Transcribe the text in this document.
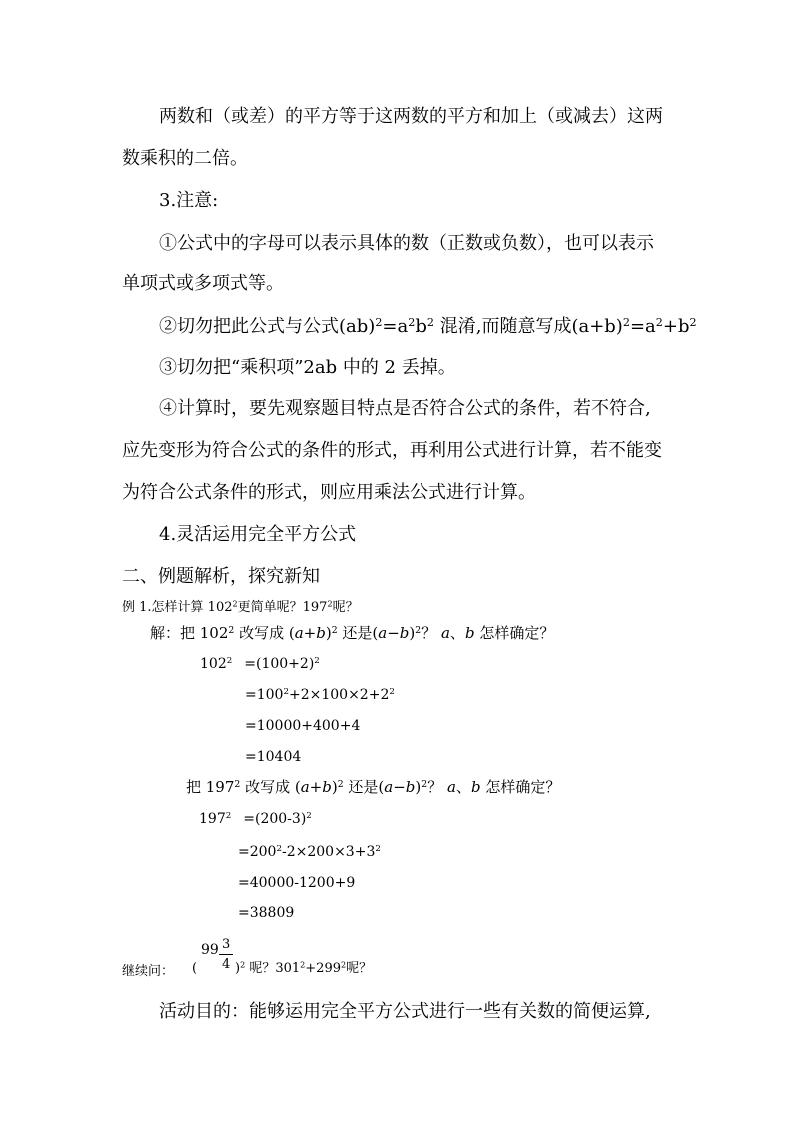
两数和（或差）的平方等于这两数的平方和加上（或减去）这两
数乘积的二倍。
3.注意:
①公式中的字母可以表示具体的数（正数或负数），也可以表示
单项式或多项式等。
②切勿把此公式与公式$(ab)^2=a^2b^2$ 混淆,而随意写成$(a+b)^2=a^2+b^2$
③切勿把“乘积项”2ab 中的 2 丢掉。
④计算时，要先观察题目特点是否符合公式的条件，若不符合,
应先变形为符合公式的条件的形式，再利用公式进行计算，若不能变
为符合公式条件的形式，则应用乘法公式进行计算。
4.灵活运用完全平方公式
二、例题解析，探究新知
例 1.怎样计算 $102^2$更简单呢？$197^2$呢？
解：把 $102^2$ 改写成 $(a+b)^2$ 还是$(a-b)^2$？ a、b 怎样确定？
$102^2 =(100+2)^2$
$=100^2+2\times 100\times 2+2^2$
=10000+400+4
=10404
把 $197^2$ 改写成 $(a+b)^2$ 还是$(a-b)^2$？ a、b 怎样确定？
$197^2 =(200-3)^2$
$=200^2-2\times 200\times 3+3^2$
=40000-1200+9
=38809
继续问： (
99 3
4 )$^2$ 呢？$301^2+299^2$呢？
活动目的：能够运用完全平方公式进行一些有关数的简便运算,
